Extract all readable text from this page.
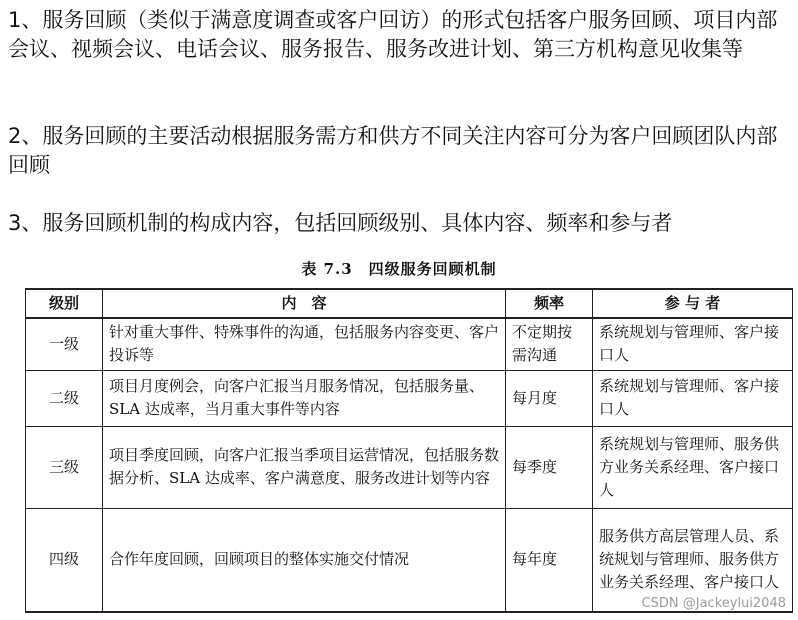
1、服务回顾（类似于满意度调查或客户回访）的形式包括客户服务回顾、项目内部会议、视频会议、电话会议、服务报告、服务改进计划、第三方机构意见收集等

2、服务回顾的主要活动根据服务需方和供方不同关注内容可分为客户回顾团队内部回顾

3、服务回顾机制的构成内容，包括回顾级别、具体内容、频率和参与者

表 7.3　四级服务回顾机制
级别	内　容	频率	参 与 者
一级	针对重大事件、特殊事件的沟通，包括服务内容变更、客户投诉等	不定期按需沟通	系统规划与管理师、客户接口人
二级	项目月度例会，向客户汇报当月服务情况，包括服务量、SLA 达成率，当月重大事件等内容	每月度	系统规划与管理师、客户接口人
三级	项目季度回顾，向客户汇报当季项目运营情况，包括服务数据分析、SLA 达成率、客户满意度、服务改进计划等内容	每季度	系统规划与管理师、服务供方业务关系经理、客户接口人
四级	合作年度回顾，回顾项目的整体实施交付情况	每年度	服务供方高层管理人员、系统规划与管理师、服务供方业务关系经理、客户接口人
CSDN @Jackeylui2048
